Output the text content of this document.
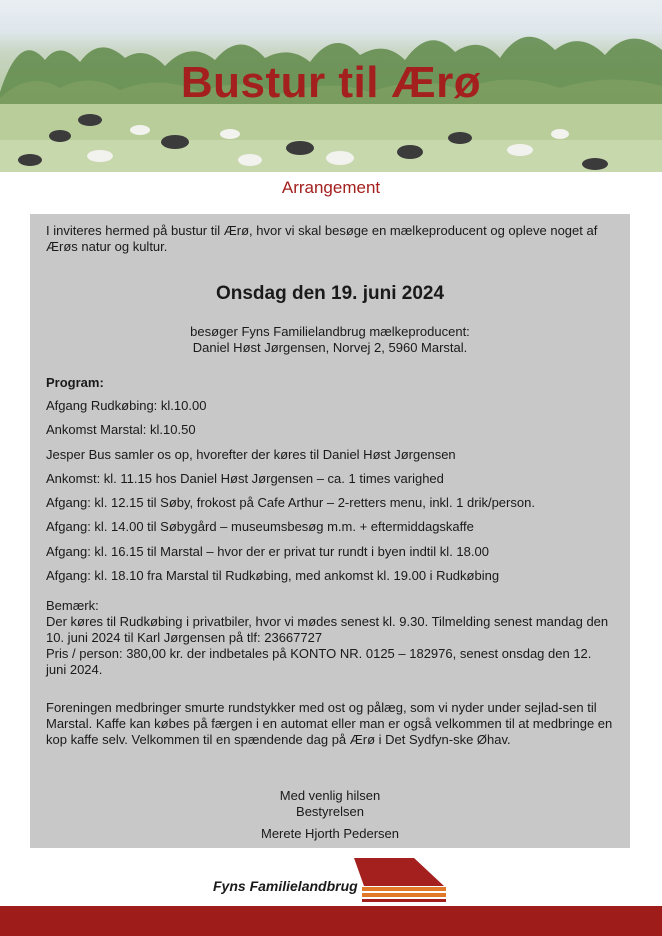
Bustur til Ærø
Arrangement

I inviteres hermed på bustur til Ærø, hvor vi skal besøge en mælkeproducent og opleve noget af Ærøs natur og kultur.

Onsdag den 19. juni 2024
besøger Fyns Familielandbrug mælkeproducent:
Daniel Høst Jørgensen, Norvej 2, 5960 Marstal.

Program:

Afgang Rudkøbing: kl.10.00
Ankomst Marstal: kl.10.50
Jesper Bus samler os op, hvorefter der køres til Daniel Høst Jørgensen
Ankomst: kl. 11.15 hos Daniel Høst Jørgensen – ca. 1 times varighed
Afgang: kl. 12.15 til Søby, frokost på Cafe Arthur – 2-retters menu, inkl. 1 drik/person.
Afgang: kl. 14.00 til Søbygård – museumsbesøg m.m. + eftermiddagskaffe
Afgang: kl. 16.15 til Marstal – hvor der er privat tur rundt i byen indtil kl. 18.00
Afgang: kl. 18.10 fra Marstal til Rudkøbing, med ankomst kl. 19.00 i Rudkøbing
Bemærk:
Der køres til Rudkøbing i privatbiler, hvor vi mødes senest kl. 9.30. Tilmelding senest mandag den 10. juni 2024 til Karl Jørgensen på tlf: 23667727
Pris / person: 380,00 kr. der indbetales på KONTO NR. 0125 – 182976, senest onsdag den 12. juni 2024.

Foreningen medbringer smurte rundstykker med ost og pålæg, som vi nyder under sejlad-sen til Marstal. Kaffe kan købes på færgen i en automat eller man er også velkommen til at medbringe en kop kaffe selv. Velkommen til en spændende dag på Ærø i Det Sydfyn-ske Øhav.

Med venlig hilsen
Bestyrelsen
Merete Hjorth Pedersen
Fyns Familielandbrug
